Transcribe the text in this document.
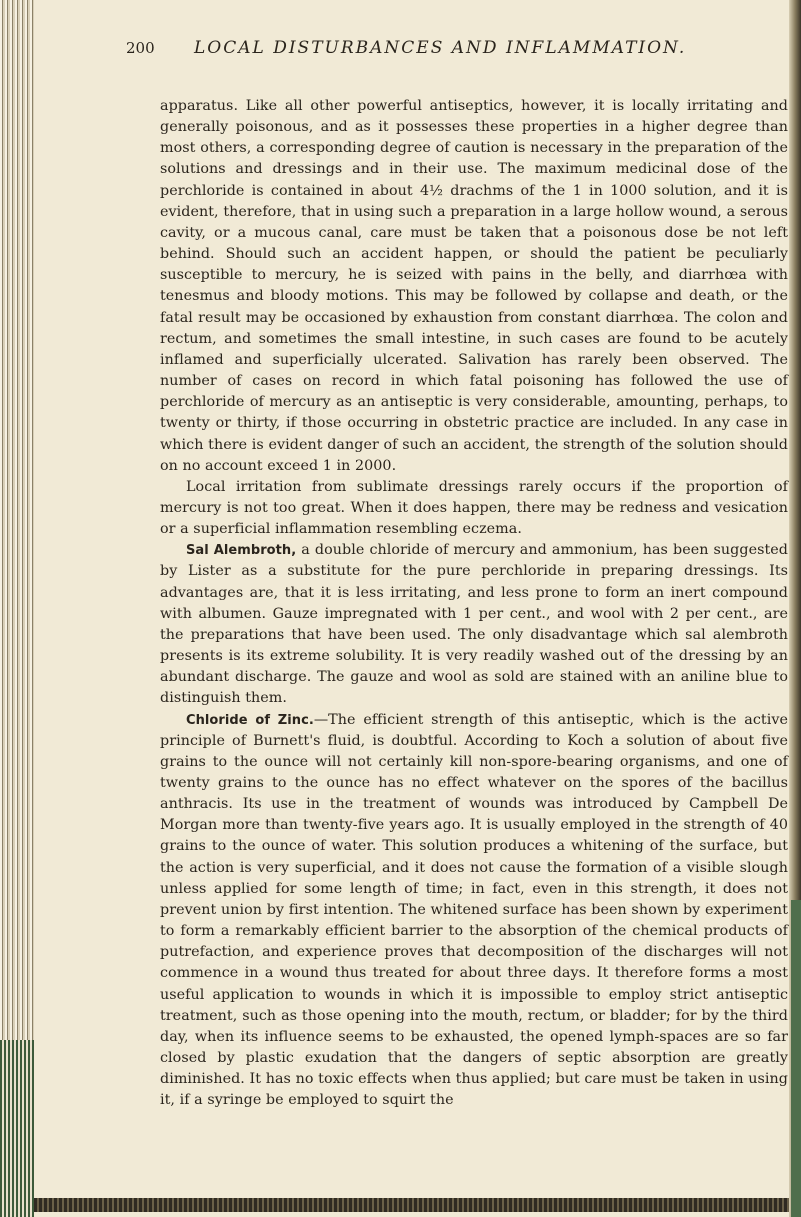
200	LOCAL DISTURBANCES AND INFLAMMATION.

apparatus. Like all other powerful antiseptics, however, it is locally irritating and generally poisonous, and as it possesses these properties in a higher degree than most others, a corresponding degree of caution is necessary in the preparation of the solutions and dressings and in their use. The maximum medicinal dose of the perchloride is contained in about 4½ drachms of the 1 in 1000 solution, and it is evident, therefore, that in using such a preparation in a large hollow wound, a serous cavity, or a mucous canal, care must be taken that a poisonous dose be not left behind. Should such an accident happen, or should the patient be peculiarly susceptible to mercury, he is seized with pains in the belly, and diarrhœa with tenesmus and bloody motions. This may be followed by collapse and death, or the fatal result may be occasioned by exhaustion from constant diarrhœa. The colon and rectum, and sometimes the small intestine, in such cases are found to be acutely inflamed and superficially ulcerated. Salivation has rarely been observed. The number of cases on record in which fatal poisoning has followed the use of perchloride of mercury as an antiseptic is very considerable, amounting, perhaps, to twenty or thirty, if those occurring in obstetric practice are included. In any case in which there is evident danger of such an accident, the strength of the solution should on no account exceed 1 in 2000.

Local irritation from sublimate dressings rarely occurs if the proportion of mercury is not too great. When it does happen, there may be redness and vesication or a superficial inflammation resembling eczema.

Sal Alembroth, a double chloride of mercury and ammonium, has been suggested by Lister as a substitute for the pure perchloride in preparing dressings. Its advantages are, that it is less irritating, and less prone to form an inert compound with albumen. Gauze impregnated with 1 per cent., and wool with 2 per cent., are the preparations that have been used. The only disadvantage which sal alembroth presents is its extreme solubility. It is very readily washed out of the dressing by an abundant discharge. The gauze and wool as sold are stained with an aniline blue to distinguish them.

Chloride of Zinc.—The efficient strength of this antiseptic, which is the active principle of Burnett's fluid, is doubtful. According to Koch a solution of about five grains to the ounce will not certainly kill non-spore-bearing organisms, and one of twenty grains to the ounce has no effect whatever on the spores of the bacillus anthracis. Its use in the treatment of wounds was introduced by Campbell De Morgan more than twenty-five years ago. It is usually employed in the strength of 40 grains to the ounce of water. This solution produces a whitening of the surface, but the action is very superficial, and it does not cause the formation of a visible slough unless applied for some length of time; in fact, even in this strength, it does not prevent union by first intention. The whitened surface has been shown by experiment to form a remarkably efficient barrier to the absorption of the chemical products of putrefaction, and experience proves that decomposition of the discharges will not commence in a wound thus treated for about three days. It therefore forms a most useful application to wounds in which it is impossible to employ strict antiseptic treatment, such as those opening into the mouth, rectum, or bladder; for by the third day, when its influence seems to be exhausted, the opened lymph-spaces are so far closed by plastic exudation that the dangers of septic absorption are greatly diminished. It has no toxic effects when thus applied; but care must be taken in using it, if a syringe be employed to squirt the
